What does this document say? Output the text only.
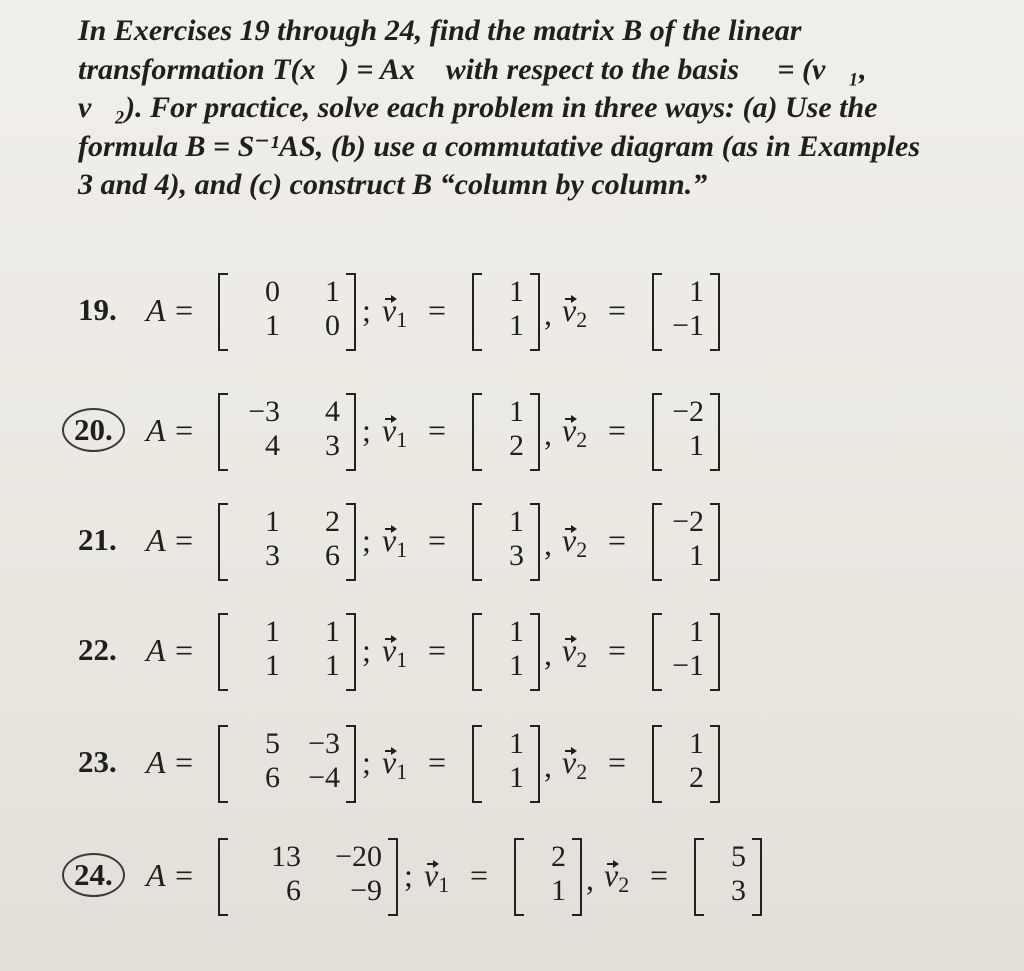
In Exercises 19 through 24, find the matrix B of the linear transformation T(x⃗) = Ax⃗ with respect to the basis 𝔅 = (v⃗₁, v⃗₂). For practice, solve each problem in three ways: (a) Use the formula B = S⁻¹AS, (b) use a commutative diagram (as in Examples 3 and 4), and (c) construct B “column by column.”

19. A =
0	1
1	0 ; $v_1$ =
1
1 , $v_2$ =
1
−1
20.	A =
−3	4
4	3 ; $v_1$ =
1
2 , $v_2$ =
−2
1
21. A =
1	2
3	6 ; $v_1$ =
1
3 , $v_2$ =
−2
1
22. A =
1	1
1	1 ; $v_1$ =
1
1 , $v_2$ =
1
−1
23. A =
5 −3
6 −4 ; $v_1$ =
1
1 , $v_2$ =
1
2
24.	A =
13	−20
6	−9 ; $v_1$ =
2
1 , $v_2$ =
5
3
